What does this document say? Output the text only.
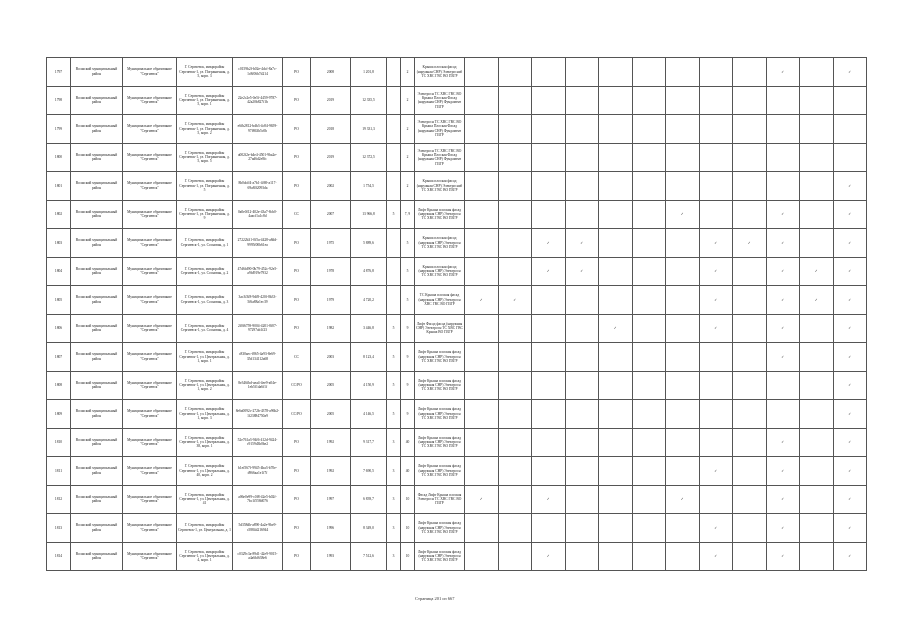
1797	Волжский муниципальный район	Муниципальное образование "Сергиевск"	Г. Сергиевск, микрорайон Сергиевск-1, ул. Пограничная, д. 5, корп. 3	c0159b2f-b02e-4dcf-8a7c-1c8f06b7d214	РО	2008	1 201,8		2	Крыша плоская фасад (наружная СНР) Электроснаб ТС ХВС ГВС ВО ПЗГР										✓		✓
1798	Волжский муниципальный район	Муниципальное образование "Сергиевск"	Г. Сергиевск, микрорайон Сергиевск-1, ул. Пограничная, д. 5, корп. 1	22e2c2e5-0e5f-4459-9787-42a20b827f1b	РО	2019	12 335,5		2	Электросн ТС ХВС ГВС ВО Крыша Плоская Фасад (наружная СНР) Фундамент ПЗГР												
1799	Волжский муниципальный район	Муниципальное образование "Сергиевск"	Г. Сергиевск, микрорайон Сергиевск-1, ул. Пограничная, д. 5, корп. 2	e6fb2812-bdb3-4c84-9659-97f863b5c0b	РО	2018	19 331,3		2	Электросн ТС ХВС ГВС ВО Крыша Плоская Фасад (наружная СНР) Фундамент ПЗГР												
1800	Волжский муниципальный район	Муниципальное образование "Сергиевск"	Г. Сергиевск, микрорайон Сергиевск-1, ул. Пограничная, д. 5, корп. 5	a002f2e-b4e4-4501-9ba2e-27ad6d2e8fc	РО	2019	12 372,5		2	Электросн ТС ХВС ГВС ВО Крыша Плоская Фасад (наружная СНР) Фундамент ПЗГР												
1801	Волжский муниципальный район	Муниципальное образование "Сергиевск"	Г. Сергиевск, микрорайон Сергиевск-1, ул. Пограничная, д. 5	8b0dcff4-a7b1-4f69-a117-69a8ff2093da	РО	2002	1 754,5		2	Крыша плоская фасад (наружная СНР) Электроснаб ТС ХВС ГВС ВО ПЗГР												✓
1802	Волжский муниципальный район	Муниципальное образование "Сергиевск"	Г. Сергиевск, микрорайон Сергиевск-1, ул. Пограничная, д. 9	0a0e0f12-402e-43a7-8cb0-4aacf1a1c8d	СС	2007	13 966,8	5	7, 9	Лифт Крыша плоская фасад (наружная СНР) Электросн ТС ХВС ГВС ВО ПЗГР							✓			✓		✓
1803	Волжский муниципальный район	Муниципальное образование "Сергиевск"	Г. Сергиевск, микрорайон Сергиевск-1, ул. Сосновая, д. 1	27222b31-0f5a-4428-a8dd-9995f00b61ea	РО	1975	5 889,6		5	Крыша плоская фасад (наружная СНР) Электросн ТС ХВС ГВС ВО ПЗГР			✓	✓				✓	✓	✓		✓
1804	Волжский муниципальный район	Муниципальное образование "Сергиевск"	Г. Сергиевск, микрорайон Сергиевск-1, ул. Сосновая, д. 2	47d6fd90-0b79-452c-92e5-a9fd919e7932	РО	1978	4 876,8		5	Крыша плоская фасад (наружная СНР) Электросн ТС ХВС ГВС ВО ПЗГР			✓	✓				✓		✓	✓	✓
1805	Волжский муниципальный район	Муниципальное образование "Сергиевск"	Г. Сергиевск, микрорайон Сергиевск-1, ул. Сосновая, д. 3	3ac3f3f8-9df8-420f-8b33-5f6a88a1ec39	РО	1979	4 720,2		5	ТС Крыша плоская фасад (наружная СНР) Электросн ХВС ГВС ВО ПЗГР	✓	✓						✓		✓	✓	✓
1806	Волжский муниципальный район	Муниципальное образование "Сергиевск"	Г. Сергиевск, микрорайон Сергиевск-1, ул. Сосновая, д. 4	2f0f6759-9004-4201-8f07-97297ab1f23	РО	1982	3 446,8	5	9	Лифт Фасад фасад (наружная СНР) Электросн ТС ХВС ГВС Крыша ВО ПЗГР					✓			✓		✓		✓
1807	Волжский муниципальный район	Муниципальное образование "Сергиевск"	Г. Сергиевск, микрорайон Сергиевск-1, ул. Центральная, д. 1, корп. 1	c830aec-f865-4a93-8e69-35d134112a68	СС	2003	8 123,4	5	9	Лифт Крыша плоская фасад (наружная СНР) Электросн ТС ХВС ГВС ВО ПЗГР										✓		✓
1808	Волжский муниципальный район	Муниципальное образование "Сергиевск"	Г. Сергиевск, микрорайон Сергиевск-1, ул. Центральная, д. 1, корп. 2	8e346fbd-aea4-4ee9-a04e-1eb5f1da6f1f	СС/РО	2005	4 150,9	5	9	Лифт Крыша плоская фасад (наружная СНР) Электросн ТС ХВС ГВС ВО ПЗГР												✓
1809	Волжский муниципальный район	Муниципальное образование "Сергиевск"	Г. Сергиевск, микрорайон Сергиевск-1, ул. Центральная, д. 1, корп. 3	8e6a0092c-272b-4378-a96b2-1f23884750a9	СС/РО	2005	4 146,5	5	9	Лифт Крыша плоская фасад (наружная СНР) Электросн ТС ХВС ГВС ВО ПЗГР												✓
1810	Волжский муниципальный район	Муниципальное образование "Сергиевск"	Г. Сергиевск, микрорайон Сергиевск-1, ул. Центральная, д. 38, корп. 1	52e761a3-94f6-412d-9424-c9159d3b0be2	РО	1992	9 317,7	3	40	Лифт Крыша плоская фасад (наружная СНР) Электросн ТС ХВС ГВС ВО ПЗГР										✓		✓
1811	Волжский муниципальный район	Муниципальное образование "Сергиевск"	Г. Сергиевск, микрорайон Сергиевск-1, ул. Центральная, д. 40, корп. 2	b1ef567f-9945-4ba3-b70e-d966aa1e1f7f	РО	1992	7 690,5	3	40	Лифт Крыша плоская фасад (наружная СНР) Электросн ТС ХВС ГВС ВО ПЗГР								✓		✓		✓
1812	Волжский муниципальный район	Муниципальное образование "Сергиевск"	Г. Сергиевск, микрорайон Сергиевск-1, ул. Центральная, д. 41	a06e0e99-c0f8-42e5-b02f-7bc1f558d076	РО	1997	6 839,7	3	10	Фасад Лифт Крыша плоская Электросн ТС ХВС ГВС ВО ПЗГР	✓		✓				✓			✓		✓
1813	Волжский муниципальный район	Муниципальное образование "Сергиевск"	Г. Сергиевск, микрорайон Сергиевск-1, ул. Центральная, д. 1	5d358db-a890-4a2e-9be9-c5884d216944	РО	1996	8 349,0	3	10	Лифт Крыша плоская фасад (наружная СНР) Электросн ТС ХВС ГВС ВО ПЗГР								✓		✓		✓
1814	Волжский муниципальный район	Муниципальное образование "Сергиевск"	Г. Сергиевск, микрорайон Сергиевск-1, ул. Центральная, д. 4, корп. 1	c0329c3a-89d1-42e9-9015-a4a6bf638e6	РО	1993	7 512,6	3	10	Лифт Крыша плоская фасад (наружная СНР) Электросн ТС ХВС ГВС ВО ПЗГР			✓					✓		✓		✓
Страница 201 из 667
